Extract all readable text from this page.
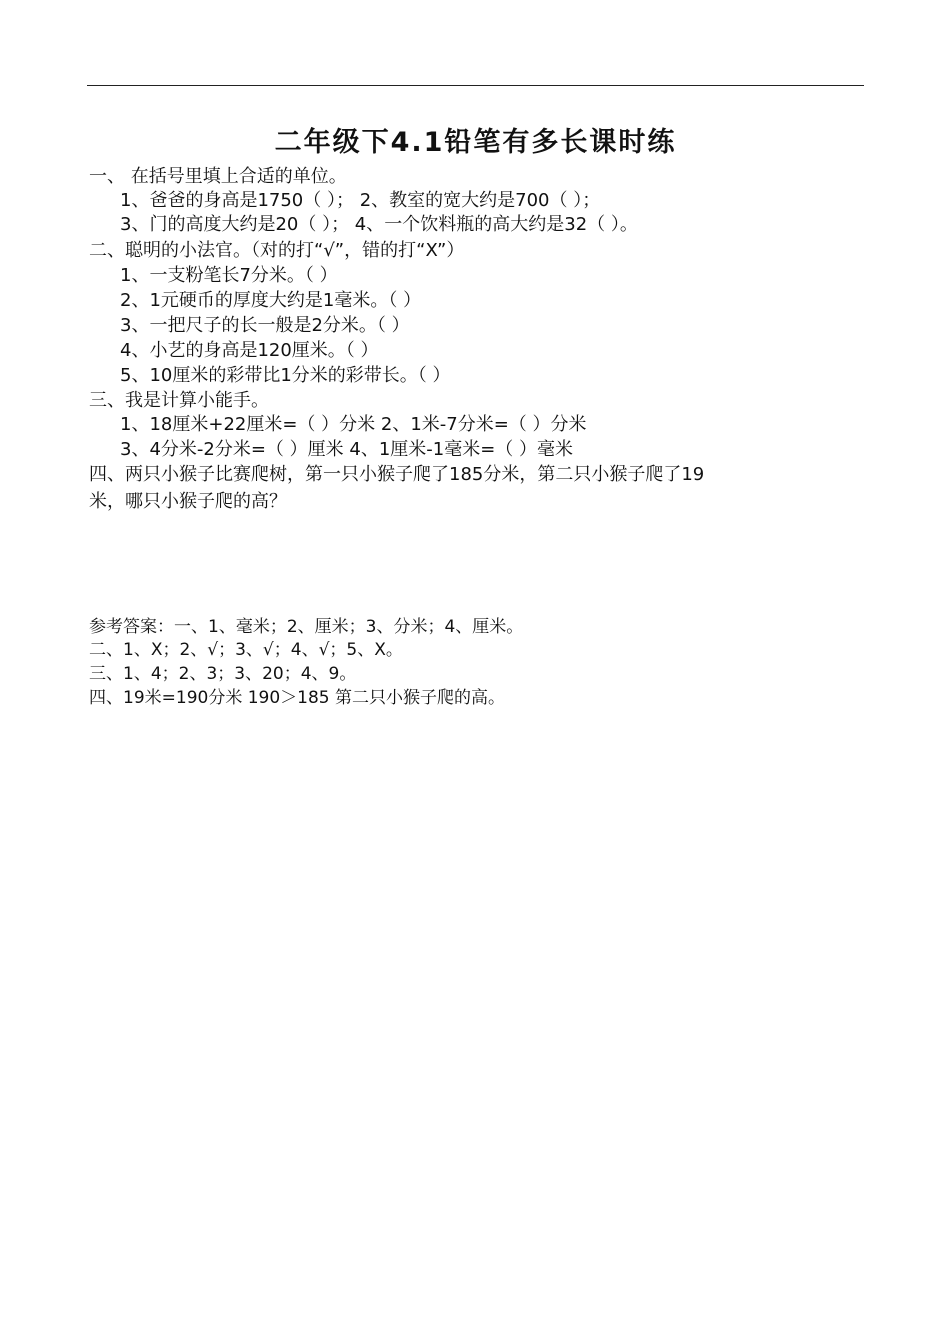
二年级下4.1铅笔有多长课时练
一、 在括号里填上合适的单位。
1、爸爸的身高是1750（ ）； 2、教室的宽大约是700（ ）；
3、门的高度大约是20（ ）； 4、一个饮料瓶的高大约是32（ ）。
二、聪明的小法官。（对的打“√”，错的打“X”）
1、一支粉笔长7分米。（ ）
2、1元硬币的厚度大约是1毫米。（ ）
3、一把尺子的长一般是2分米。（ ）
4、小艺的身高是120厘米。（ ）
5、10厘米的彩带比1分米的彩带长。（ ）
三、我是计算小能手。
1、18厘米+22厘米=（ ）分米 2、1米-7分米=（ ）分米
3、4分米-2分米=（ ）厘米 4、1厘米-1毫米=（ ）毫米
四、两只小猴子比赛爬树，第一只小猴子爬了185分米，第二只小猴子爬了19
米，哪只小猴子爬的高？
参考答案：一、1、毫米；2、厘米；3、分米；4、厘米。
二、1、X；2、√；3、√；4、√；5、X。
三、1、4；2、3；3、20；4、9。
四、19米=190分米 190＞185 第二只小猴子爬的高。
